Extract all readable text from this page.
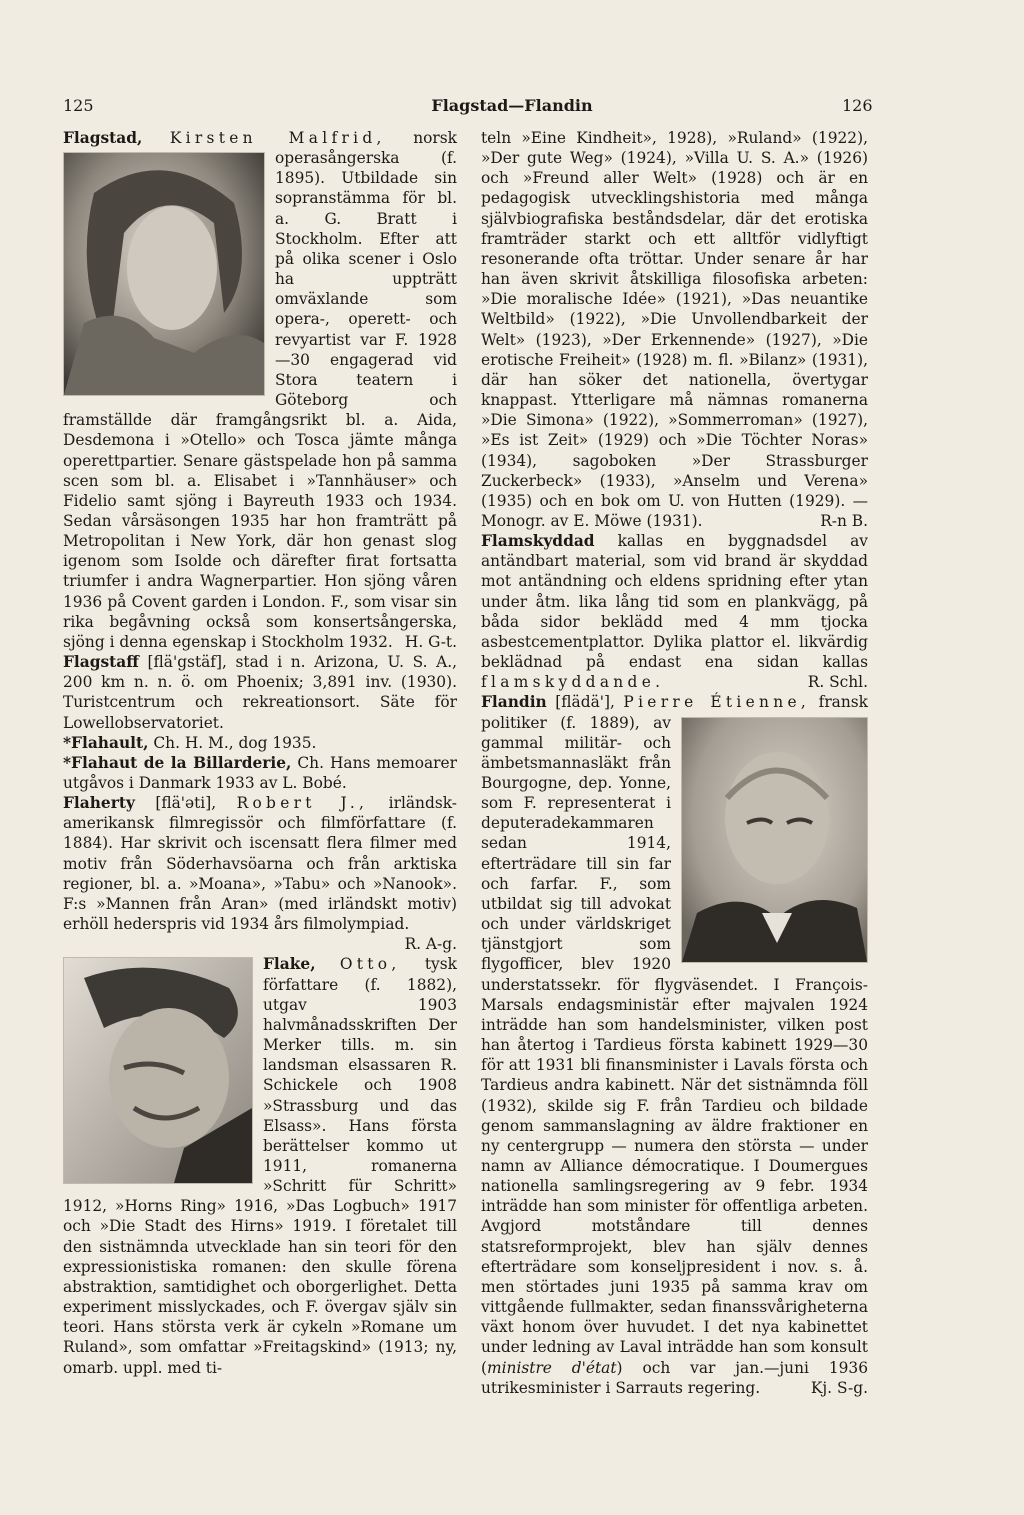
125	Flagstad—Flandin	126

Flagstad, Kirsten Malfrid, norsk operasångerska (f. 1895). Utbildade sin sopranstämma för bl. a. G. Bratt i Stockholm. Efter att på olika scener i Oslo ha uppträtt omväxlande som opera-, operett- och revyartist var F. 1928—30 engagerad vid Stora teatern i Göteborg och framställde där framgångsrikt bl. a. Aida, Desdemona i »Otello» och Tosca jämte många operettpartier. Senare gästspelade hon på samma scen som bl. a. Elisabet i »Tannhäuser» och Fidelio samt sjöng i Bayreuth 1933 och 1934. Sedan vårsäsongen 1935 har hon framträtt på Metropolitan i New York, där hon genast slog igenom som Isolde och därefter firat fortsatta triumfer i andra Wagnerpartier. Hon sjöng våren 1936 på Covent garden i London. F., som visar sin rika begåvning också som konsertsångerska, sjöng i denna egenskap i Stockholm 1932. H. G-t.

Flagstaff [flä'gstäf], stad i n. Arizona, U. S. A., 200 km n. n. ö. om Phoenix; 3,891 inv. (1930). Turistcentrum och rekreationsort. Säte för Lowellobservatoriet.

*Flahault, Ch. H. M., dog 1935.

*Flahaut de la Billarderie, Ch. Hans memoarer utgåvos i Danmark 1933 av L. Bobé.

Flaherty [flä'əti], Robert J., irländsk-amerikansk filmregissör och filmförfattare (f. 1884). Har skrivit och iscensatt flera filmer med motiv från Söderhavsöarna och från arktiska regioner, bl. a. »Moana», »Tabu» och »Nanook». F:s »Mannen från Aran» (med irländskt motiv) erhöll hederspris vid 1934 års filmolympiad.
R. A-g.

Flake, Otto, tysk författare (f. 1882), utgav 1903 halvmånadsskriften Der Merker tills. m. sin landsman elsassaren R. Schickele och 1908 »Strassburg und das Elsass». Hans första berättelser kommo ut 1911, romanerna »Schritt für Schritt» 1912, »Horns Ring» 1916, »Das Logbuch» 1917 och »Die Stadt des Hirns» 1919. I företalet till den sistnämnda utvecklade han sin teori för den expressionistiska romanen: den skulle förena abstraktion, samtidighet och oborgerlighet. Detta experiment misslyckades, och F. övergav själv sin teori. Hans största verk är cykeln »Romane um Ruland», som omfattar »Freitagskind» (1913; ny, omarb. uppl. med ti-

teln »Eine Kindheit», 1928), »Ruland» (1922), »Der gute Weg» (1924), »Villa U. S. A.» (1926) och »Freund aller Welt» (1928) och är en pedagogisk utvecklingshistoria med många självbiografiska beståndsdelar, där det erotiska framträder starkt och ett alltför vidlyftigt resonerande ofta tröttar. Under senare år har han även skrivit åtskilliga filosofiska arbeten: »Die moralische Idée» (1921), »Das neuantike Weltbild» (1922), »Die Unvollendbarkeit der Welt» (1923), »Der Erkennende» (1927), »Die erotische Freiheit» (1928) m. fl. »Bilanz» (1931), där han söker det nationella, övertygar knappast. Ytterligare må nämnas romanerna »Die Simona» (1922), »Sommerroman» (1927), »Es ist Zeit» (1929) och »Die Töchter Noras» (1934), sagoboken »Der Strassburger Zuckerbeck» (1933), »Anselm und Verena» (1935) och en bok om U. von Hutten (1929). — Monogr. av E. Möwe (1931).	R-n B.

Flamskyddad kallas en byggnadsdel av antändbart material, som vid brand är skyddad mot antändning och eldens spridning efter ytan under åtm. lika lång tid som en plankvägg, på båda sidor beklädd med 4 mm tjocka asbestcementplattor. Dylika plattor el. likvärdig beklädnad på endast ena sidan kallas flamskyddande.	R. Schl.

Flandin [flädä'], Pierre Étienne, fransk politiker (f. 1889), av gammal militär- och ämbetsmannasläkt från Bourgogne, dep. Yonne, som F. representerat i deputeradekammaren sedan 1914, efterträdare till sin far och farfar. F., som utbildat sig till advokat och under världskriget tjänstgjort som flygofficer, blev 1920 understatssekr. för flygväsendet. I François-Marsals endagsministär efter majvalen 1924 inträdde han som handelsminister, vilken post han återtog i Tardieus första kabinett 1929—30 för att 1931 bli finansminister i Lavals första och Tardieus andra kabinett. När det sistnämnda föll (1932), skilde sig F. från Tardieu och bildade genom sammanslagning av äldre fraktioner en ny centergrupp — numera den största — under namn av Alliance démocratique. I Doumergues nationella samlingsregering av 9 febr. 1934 inträdde han som minister för offentliga arbeten. Avgjord motståndare till dennes statsreformprojekt, blev han själv dennes efterträdare som konseljpresident i nov. s. å. men störtades juni 1935 på samma krav om vittgående fullmakter, sedan finanssvårigheterna växt honom över huvudet. I det nya kabinettet under ledning av Laval inträdde han som konsult (ministre d'état) och var jan.—juni 1936 utrikesminister i Sarrauts regering.	Kj. S-g.
